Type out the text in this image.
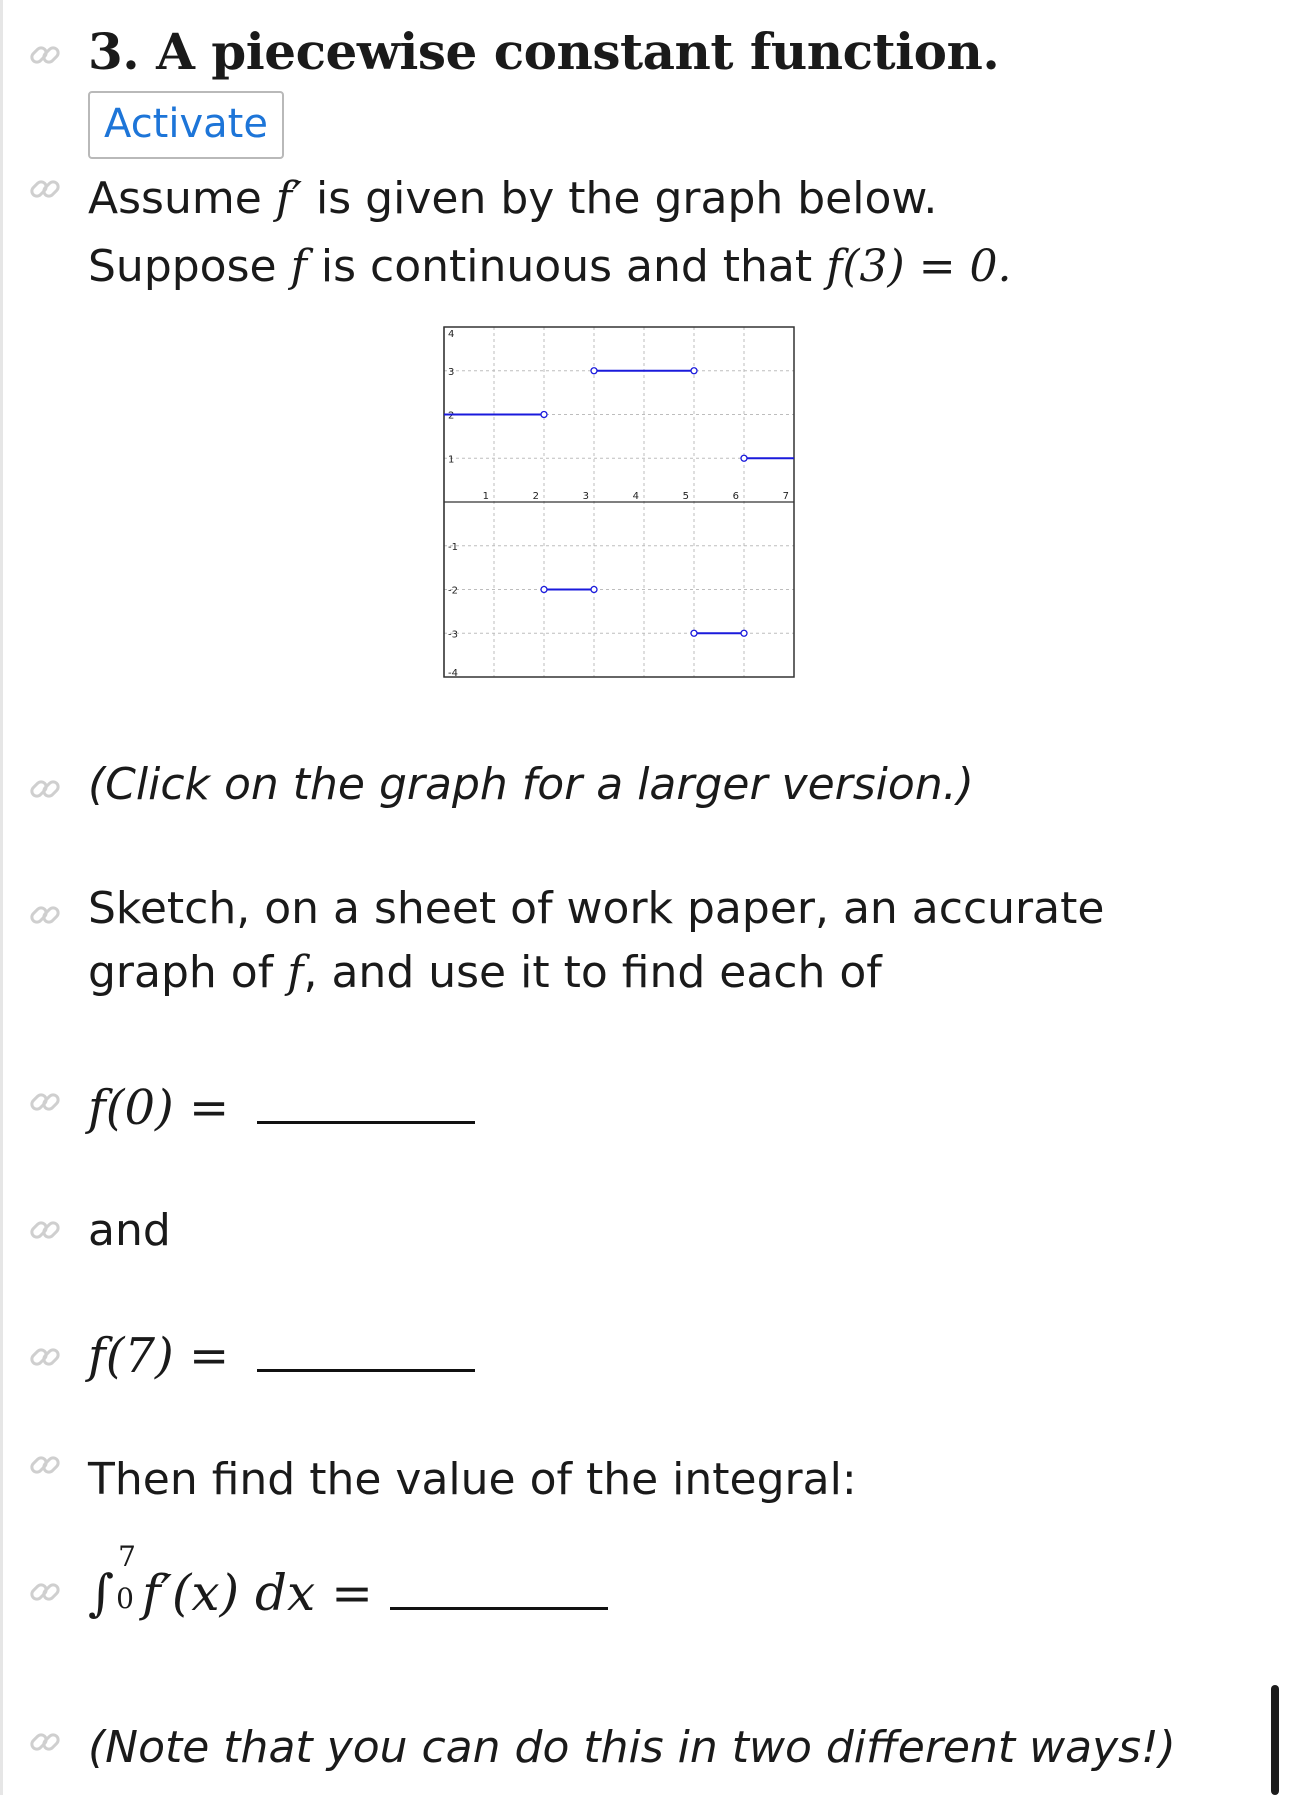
3. A piecewise constant function.
Activate
Assume f′ is given by the graph below.
Suppose f is continuous and that f(3) = 0.
1	2	3	4	5	6	7
4
3
2
1
-1
-2
-3
-4
(Click on the graph for a larger version.)
Sketch, on a sheet of work paper, an accurate
graph of f, and use it to find each of
f(0) =
and
f(7) =
Then find the value of the integral:
∫
7
0 f′(x) dx =
(Note that you can do this in two different ways!)
